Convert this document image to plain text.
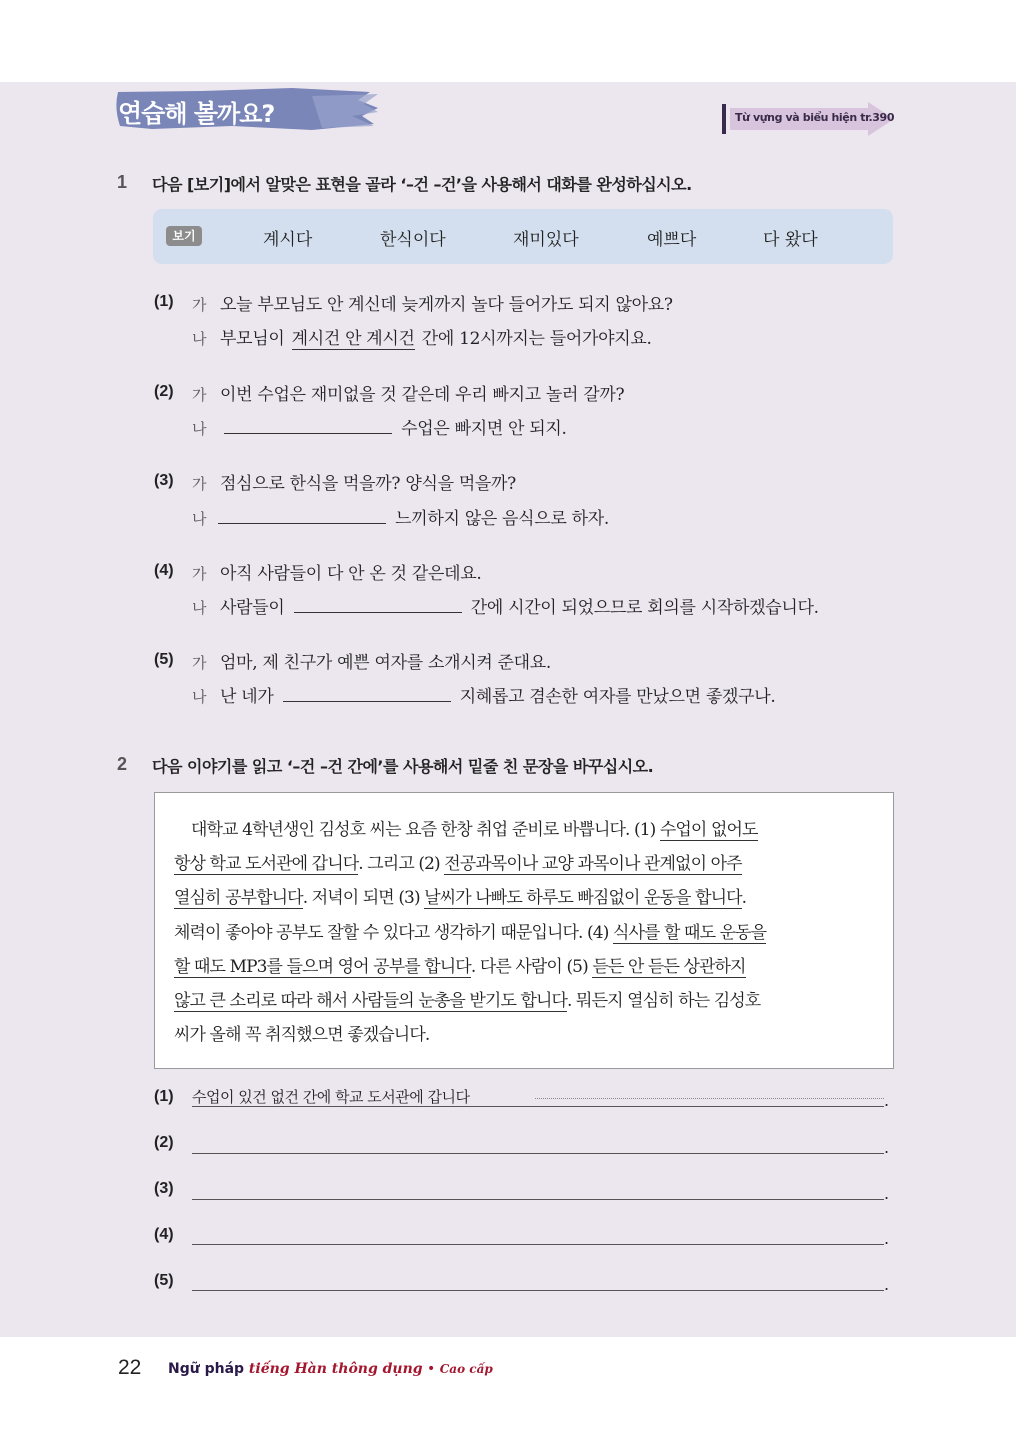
연습해 볼까요?	Từ vựng và biểu hiện tr.390
1 다음 [보기]에서 알맞은 표현을 골라 ‘–건 –건’을 사용해서 대화를 완성하십시오.
보기	계시다	한식이다	재미있다	예쁘다	다 왔다
(1) 가 오늘 부모님도 안 계신데 늦게까지 놀다 들어가도 되지 않아요?
나 부모님이 계시건 안 계시건 간에 12시까지는 들어가야지요.
(2) 가 이번 수업은 재미없을 것 같은데 우리 빠지고 놀러 갈까?
나	수업은 빠지면 안 되지.
(3) 가 점심으로 한식을 먹을까? 양식을 먹을까?
나	느끼하지 않은 음식으로 하자.
(4) 가 아직 사람들이 다 안 온 것 같은데요.
나 사람들이	간에 시간이 되었으므로 회의를 시작하겠습니다.
(5) 가 엄마, 제 친구가 예쁜 여자를 소개시켜 준대요.
나 난 네가	지혜롭고 겸손한 여자를 만났으면 좋겠구나.
2 다음 이야기를 읽고 ‘–건 –건 간에’를 사용해서 밑줄 친 문장을 바꾸십시오.
대학교 4학년생인 김성호 씨는 요즘 한창 취업 준비로 바쁩니다. (1) 수업이 없어도
항상 학교 도서관에 갑니다. 그리고 (2) 전공과목이나 교양 과목이나 관계없이 아주
열심히 공부합니다. 저녁이 되면 (3) 날씨가 나빠도 하루도 빠짐없이 운동을 합니다.
체력이 좋아야 공부도 잘할 수 있다고 생각하기 때문입니다. (4) 식사를 할 때도 운동을
할 때도 MP3를 들으며 영어 공부를 합니다. 다른 사람이 (5) 듣든 안 듣든 상관하지
않고 큰 소리로 따라 해서 사람들의 눈총을 받기도 합니다. 뭐든지 열심히 하는 김성호
씨가 올해 꼭 취직했으면 좋겠습니다.
(1) 수업이 있건 없건 간에 학교 도서관에 갑니다	.
(2)	.
(3)	.
(4)	.
(5)	.
22 Ngữ pháp tiếng Hàn thông dụng • Cao cấp
